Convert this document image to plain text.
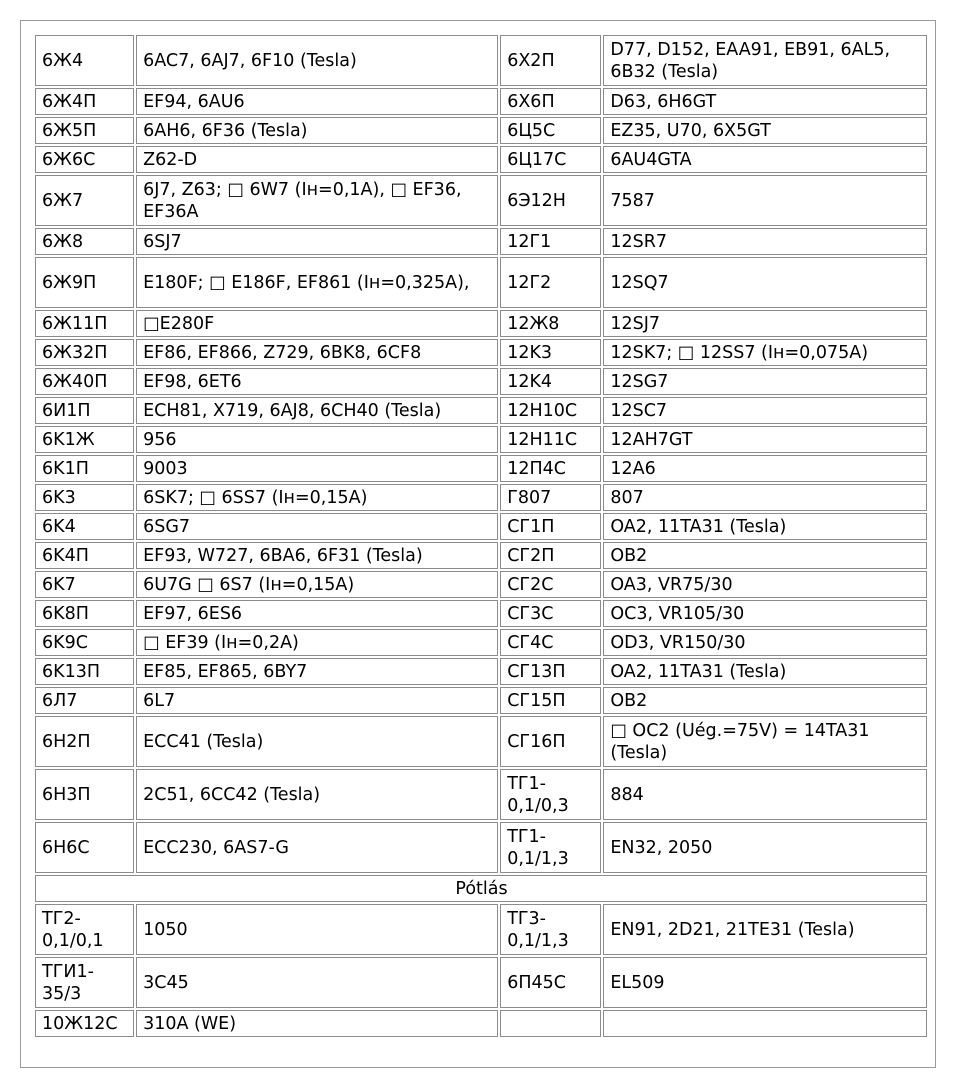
6Ж4	6AC7, 6AJ7, 6F10 (Tesla)	6X2П	D77, D152, EAA91, EB91, 6AL5, 6B32 (Tesla)
6Ж4П	EF94, 6AU6	6X6П	D63, 6H6GT
6Ж5П	6AH6, 6F36 (Tesla)	6Ц5С	EZ35, U70, 6X5GT
6Ж6С	Z62-D	6Ц17С	6AU4GTA
6Ж7	6J7, Z63; □ 6W7 (Iн=0,1A), □ EF36, EF36A	6Э12Н	7587
6Ж8	6SJ7	12Г1	12SR7
6Ж9П	E180F; □ E186F, EF861 (Iн=0,325A),	12Г2	12SQ7
6Ж11П	□E280F	12Ж8	12SJ7
6Ж32П	EF86, EF866, Z729, 6BK8, 6CF8	12K3	12SK7; □ 12SS7 (Iн=0,075A)
6Ж40П	EF98, 6ET6	12K4	12SG7
6И1П	ECH81, X719, 6AJ8, 6CH40 (Tesla)	12Н10С	12SC7
6K1Ж	956	12Н11С	12AH7GT
6K1П	9003	12П4С	12A6
6K3	6SK7; □ 6SS7 (Iн=0,15A)	Г807	807
6K4	6SG7	СГ1П	OA2, 11TA31 (Tesla)
6K4П	EF93, W727, 6BA6, 6F31 (Tesla)	СГ2П	OB2
6K7	6U7G □ 6S7 (Iн=0,15A)	СГ2С	OA3, VR75/30
6K8П	EF97, 6ES6	СГ3С	OC3, VR105/30
6K9С	□ EF39 (Iн=0,2A)	СГ4С	OD3, VR150/30
6K13П	EF85, EF865, 6BY7	СГ13П	OA2, 11TA31 (Tesla)
6Л7	6L7	СГ15П	OB2
6Н2П	ECC41 (Tesla)	СГ16П	□ OC2 (Uég.=75V) = 14TA31 (Tesla)
6Н3П	2C51, 6CC42 (Tesla)	ТГ1-0,1/0,3	884
6Н6С	ECC230, 6AS7-G	ТГ1-0,1/1,3	EN32, 2050
Pótlás			
ТГ2-0,1/0,1	1050	ТГ3-0,1/1,3	EN91, 2D21, 21TE31 (Tesla)
ТГИ1-35/3	3C45	6П45С	EL509
10Ж12С	310A (WE)		
